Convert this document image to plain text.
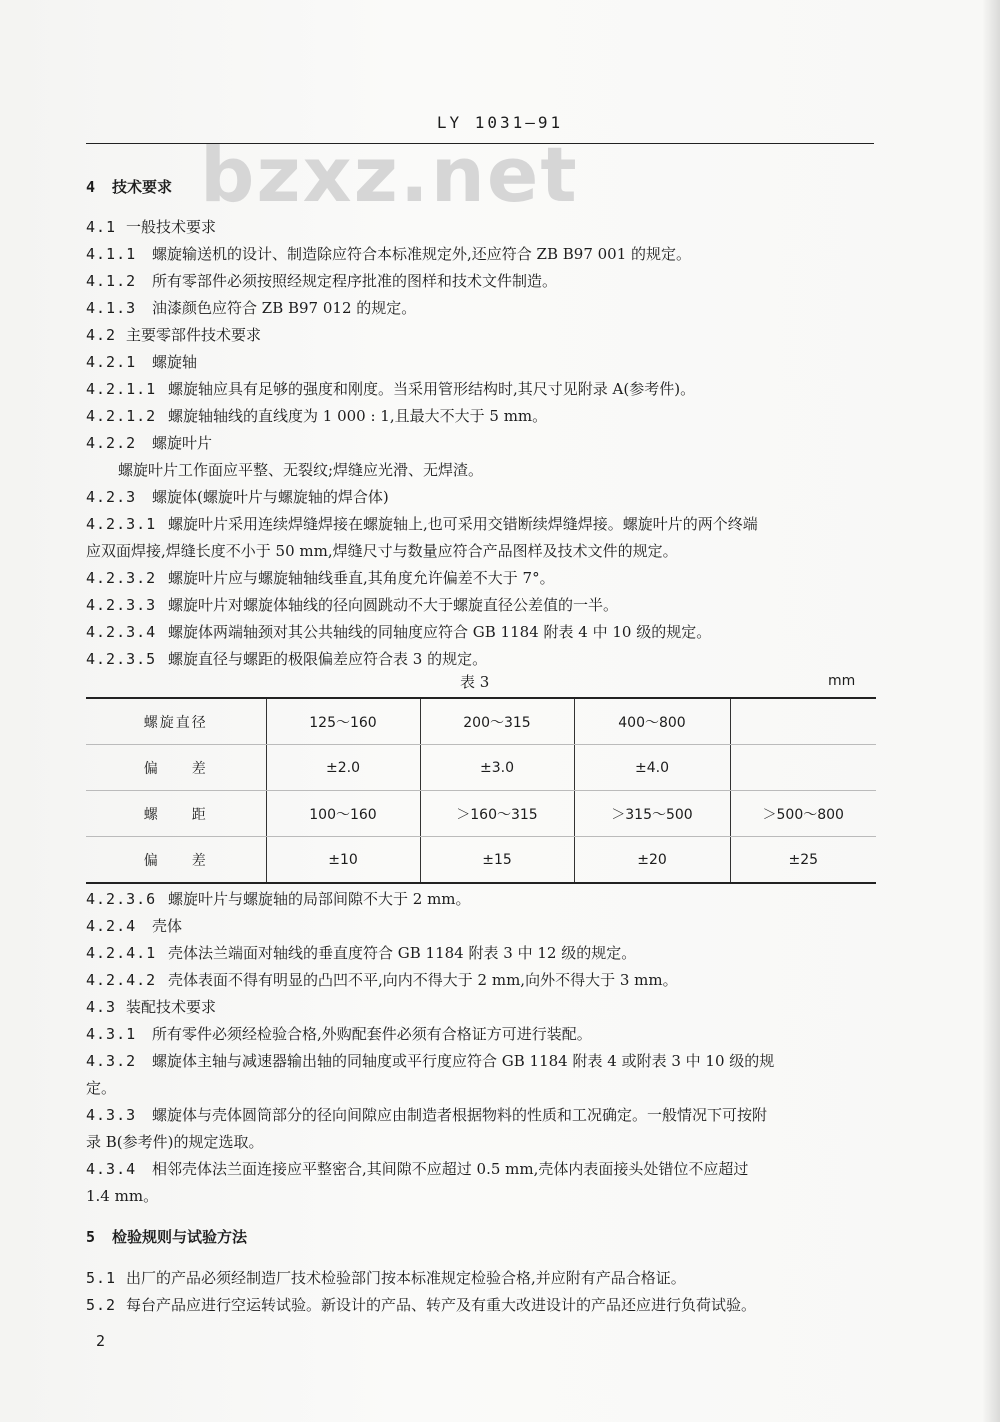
bzxz.net
LY 1031—91
4 技术要求
4.1 一般技术要求
4.1.1 螺旋输送机的设计、制造除应符合本标准规定外,还应符合 ZB B97 001 的规定。
4.1.2 所有零部件必须按照经规定程序批准的图样和技术文件制造。
4.1.3 油漆颜色应符合 ZB B97 012 的规定。
4.2 主要零部件技术要求
4.2.1 螺旋轴
4.2.1.1 螺旋轴应具有足够的强度和刚度。当采用管形结构时,其尺寸见附录 A(参考件)。
4.2.1.2 螺旋轴轴线的直线度为 1 000 : 1,且最大不大于 5 mm。
4.2.2 螺旋叶片
螺旋叶片工作面应平整、无裂纹;焊缝应光滑、无焊渣。
4.2.3 螺旋体(螺旋叶片与螺旋轴的焊合体)
4.2.3.1 螺旋叶片采用连续焊缝焊接在螺旋轴上,也可采用交错断续焊缝焊接。螺旋叶片的两个终端
应双面焊接,焊缝长度不小于 50 mm,焊缝尺寸与数量应符合产品图样及技术文件的规定。
4.2.3.2 螺旋叶片应与螺旋轴轴线垂直,其角度允许偏差不大于 7°。
4.2.3.3 螺旋叶片对螺旋体轴线的径向圆跳动不大于螺旋直径公差值的一半。
4.2.3.4 螺旋体两端轴颈对其公共轴线的同轴度应符合 GB 1184 附表 4 中 10 级的规定。
4.2.3.5 螺旋直径与螺距的极限偏差应符合表 3 的规定。
表 3	mm
螺旋直径	125～160	200～315	400～800	
偏　　差	±2.0	±3.0	±4.0	
螺　　距	100～160	＞160～315	＞315～500	＞500～800
偏　　差	±10	±15	±20	±25
4.2.3.6 螺旋叶片与螺旋轴的局部间隙不大于 2 mm。
4.2.4 壳体
4.2.4.1 壳体法兰端面对轴线的垂直度符合 GB 1184 附表 3 中 12 级的规定。
4.2.4.2 壳体表面不得有明显的凸凹不平,向内不得大于 2 mm,向外不得大于 3 mm。
4.3 装配技术要求
4.3.1 所有零件必须经检验合格,外购配套件必须有合格证方可进行装配。
4.3.2 螺旋体主轴与减速器输出轴的同轴度或平行度应符合 GB 1184 附表 4 或附表 3 中 10 级的规
定。
4.3.3 螺旋体与壳体圆筒部分的径向间隙应由制造者根据物料的性质和工况确定。一般情况下可按附
录 B(参考件)的规定选取。
4.3.4 相邻壳体法兰面连接应平整密合,其间隙不应超过 0.5 mm,壳体内表面接头处错位不应超过
1.4 mm。
5 检验规则与试验方法
5.1 出厂的产品必须经制造厂技术检验部门按本标准规定检验合格,并应附有产品合格证。
5.2 每台产品应进行空运转试验。新设计的产品、转产及有重大改进设计的产品还应进行负荷试验。
2
